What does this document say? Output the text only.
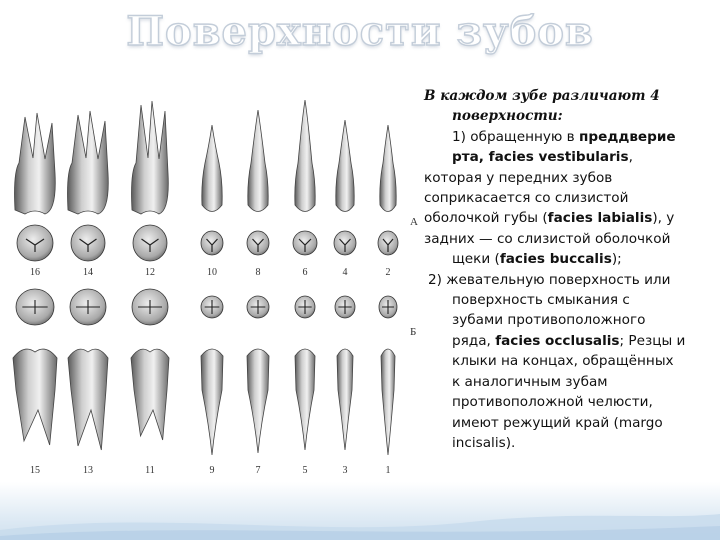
Поверхности зубов
16	14	12	10	8	6	4	2
15	13	11	9	7	5	3	1
А
Б

В каждом зубе различают 4

поверхности:

1) обращенную в преддверие
рта, facies vestibularis,
которая у передних зубов
соприкасается со слизистой
оболочкой губы (facies labialis), у
задних — со слизистой оболочкой
щеки (facies buccalis);

2) жевательную поверхность или
поверхность смыкания с
зубами противоположного
ряда, facies occlusalis; Резцы и
клыки на концах, обращённых
к аналогичным зубам
противоположной челюсти,
имеют режущий край (margo
incisalis).
